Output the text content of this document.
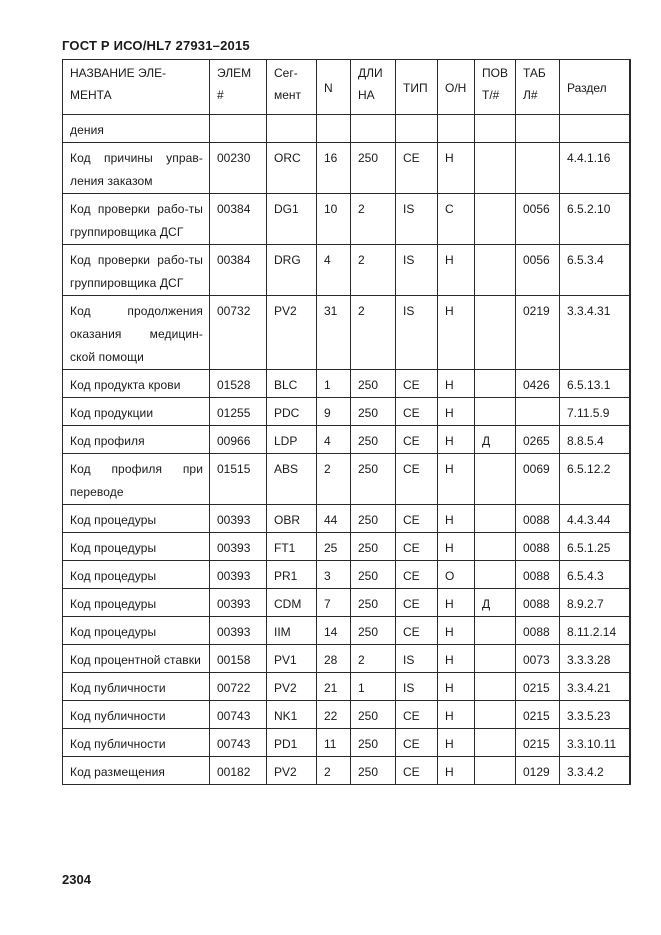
ГОСТ Р ИСО/HL7 27931–2015
НАЗВАНИЕ ЭЛЕ-МЕНТА	ЭЛЕМ #	Сег-мент	N	ДЛИ НА	ТИП	О/Н	ПОВ Т/#	ТАБ Л#	Раздел
дения									
Код причины управ-ления заказом	00230	ORC	16	250	CE	Н			4.4.1.16
Код проверки рабо-ты группировщика ДСГ	00384	DG1	10	2	IS	С		0056	6.5.2.10
Код проверки рабо-ты группировщика ДСГ	00384	DRG	4	2	IS	Н		0056	6.5.3.4
Код продолжения оказания медицин-ской помощи	00732	PV2	31	2	IS	Н		0219	3.3.4.31
Код продукта крови	01528	BLC	1	250	CE	Н		0426	6.5.13.1
Код продукции	01255	PDC	9	250	CE	Н			7.11.5.9
Код профиля	00966	LDP	4	250	CE	Н	Д	0265	8.8.5.4
Код профиля при переводе	01515	ABS	2	250	CE	Н		0069	6.5.12.2
Код процедуры	00393	OBR	44	250	CE	Н		0088	4.4.3.44
Код процедуры	00393	FT1	25	250	CE	Н		0088	6.5.1.25
Код процедуры	00393	PR1	3	250	CE	О		0088	6.5.4.3
Код процедуры	00393	CDM	7	250	CE	Н	Д	0088	8.9.2.7
Код процедуры	00393	IIM	14	250	CE	Н		0088	8.11.2.14
Код процентной ставки	00158	PV1	28	2	IS	Н		0073	3.3.3.28
Код публичности	00722	PV2	21	1	IS	Н		0215	3.3.4.21
Код публичности	00743	NK1	22	250	CE	Н		0215	3.3.5.23
Код публичности	00743	PD1	11	250	CE	Н		0215	3.3.10.11
Код размещения	00182	PV2	2	250	CE	Н		0129	3.3.4.2
2304
